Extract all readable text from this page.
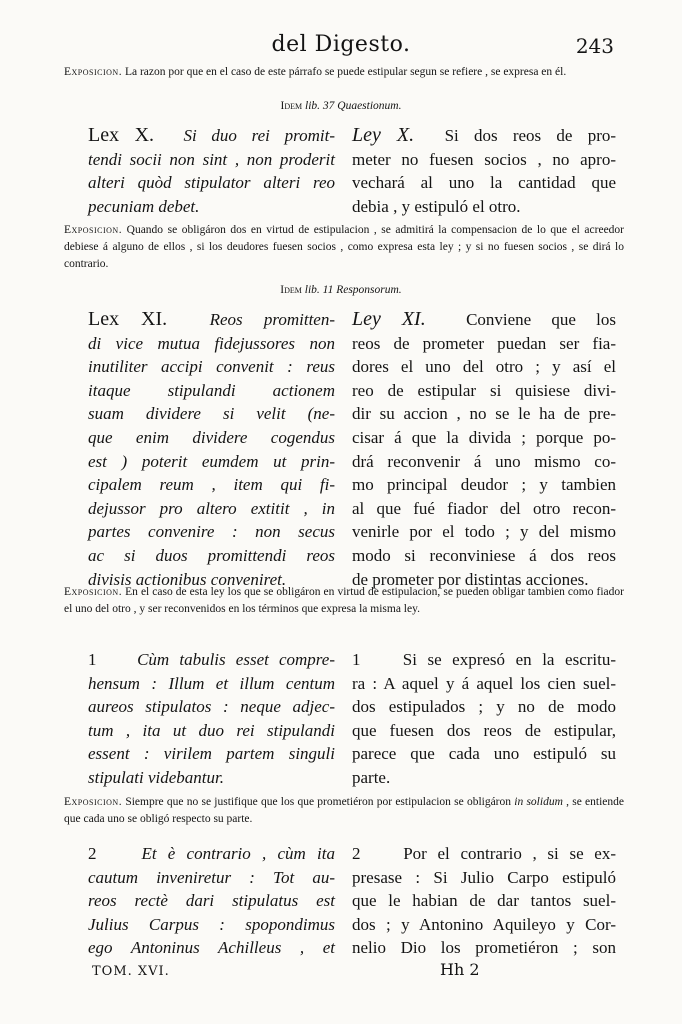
del Digesto.	243
Exposicion. La razon por que en el caso de este párrafo se puede estipular segun se refiere , se expresa en él.
Idem lib. 37 Quaestionum.
Lex X. Si duo rei promit-
tendi socii non sint , non proderit
alteri quòd stipulator alteri reo
pecuniam debet.
Ley X. Si dos reos de pro-
meter no fuesen socios , no apro-
vechará al uno la cantidad que
debia , y estipuló el otro.
Exposicion. Quando se obligáron dos en virtud de estipulacion , se admitirá la compensacion de lo que el acreedor debiese á alguno de ellos , si los deudores fuesen socios , como expresa esta ley ; y si no fuesen socios , se dirá lo contrario.
Idem lib. 11 Responsorum.
Lex XI. Reos promitten-
di vice mutua fidejussores non
inutiliter accipi convenit : reus
itaque stipulandi actionem
suam dividere si velit (ne-
que enim dividere cogendus
est ) poterit eumdem ut prin-
cipalem reum , item qui fi-
dejussor pro altero extitit , in
partes convenire : non secus
ac si duos promittendi reos
divisis actionibus conveniret.
Ley XI. Conviene que los
reos de prometer puedan ser fia-
dores el uno del otro ; y así el
reo de estipular si quisiese divi-
dir su accion , no se le ha de pre-
cisar á que la divida ; porque po-
drá reconvenir á uno mismo co-
mo principal deudor ; y tambien
al que fué fiador del otro recon-
venirle por el todo ; y del mismo
modo si reconviniese á dos reos
de prometer por distintas acciones.
Exposicion. En el caso de esta ley los que se obligáron en virtud de estipulacion, se pueden obligar tambien como fiador el uno del otro , y ser reconvenidos en los términos que expresa la misma ley.
1 Cùm tabulis esset compre-
hensum : Illum et illum centum
aureos stipulatos : neque adjec-
tum , ita ut duo rei stipulandi
essent : virilem partem singuli
stipulati videbantur.
1 Si se expresó en la escritu-
ra : A aquel y á aquel los cien suel-
dos estipulados ; y no de modo
que fuesen dos reos de estipular,
parece que cada uno estipuló su
parte.
Exposicion. Siempre que no se justifique que los que prometiéron por estipulacion se obligáron in solidum , se entiende que cada uno se obligó respecto su parte.
2	Et è contrario , cùm ita
cautum inveniretur : Tot au-
reos rectè dari stipulatus est
Julius Carpus : spopondimus
ego Antoninus Achilleus , et
2	Por el contrario , si se ex-
presase : Si Julio Carpo estipuló
que le habian de dar tantos suel-
dos ; y Antonino Aquileyo y Cor-
nelio Dio los prometiéron ; son
TOM. XVI.	Hh 2
